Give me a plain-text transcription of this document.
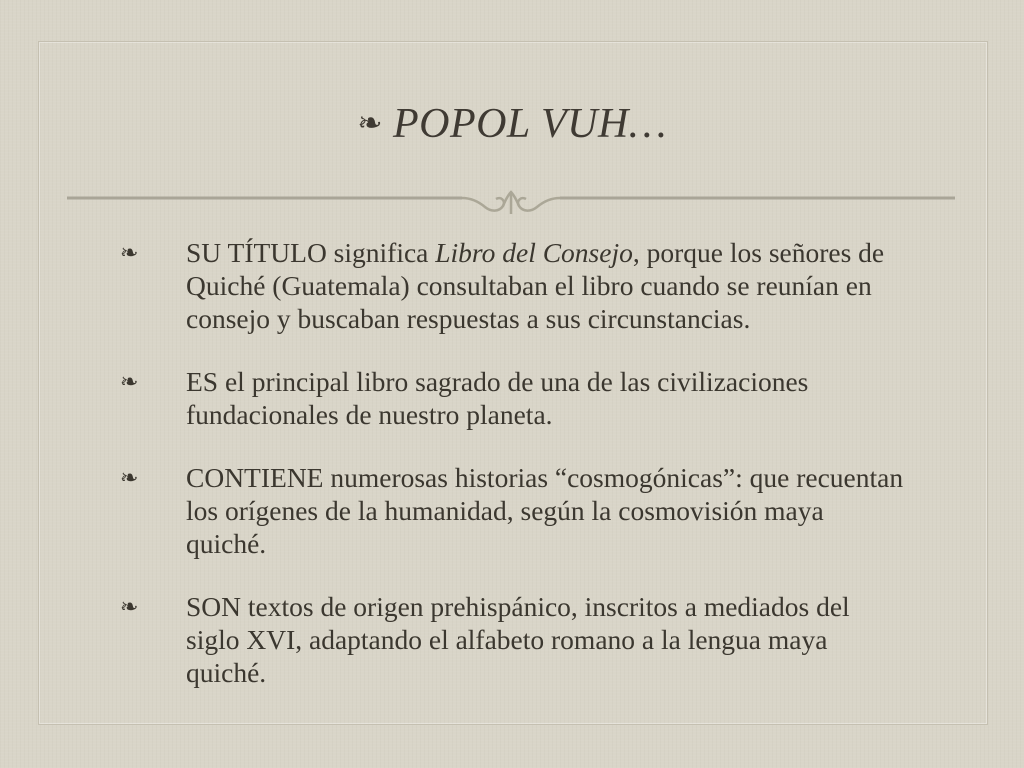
❧ POPOL VUH…
❧ SU TÍTULO significa Libro del Consejo, porque los señores de Quiché (Guatemala) consultaban el libro cuando se reunían en consejo y buscaban respuestas a sus circunstancias.
❧ ES el principal libro sagrado de una de las civilizaciones fundacionales de nuestro planeta.
❧ CONTIENE numerosas historias “cosmogónicas”: que recuentan los orígenes de la humanidad, según la cosmovisión maya quiché.
❧ SON textos de origen prehispánico, inscritos a mediados del siglo XVI, adaptando el alfabeto romano a la lengua maya quiché.
